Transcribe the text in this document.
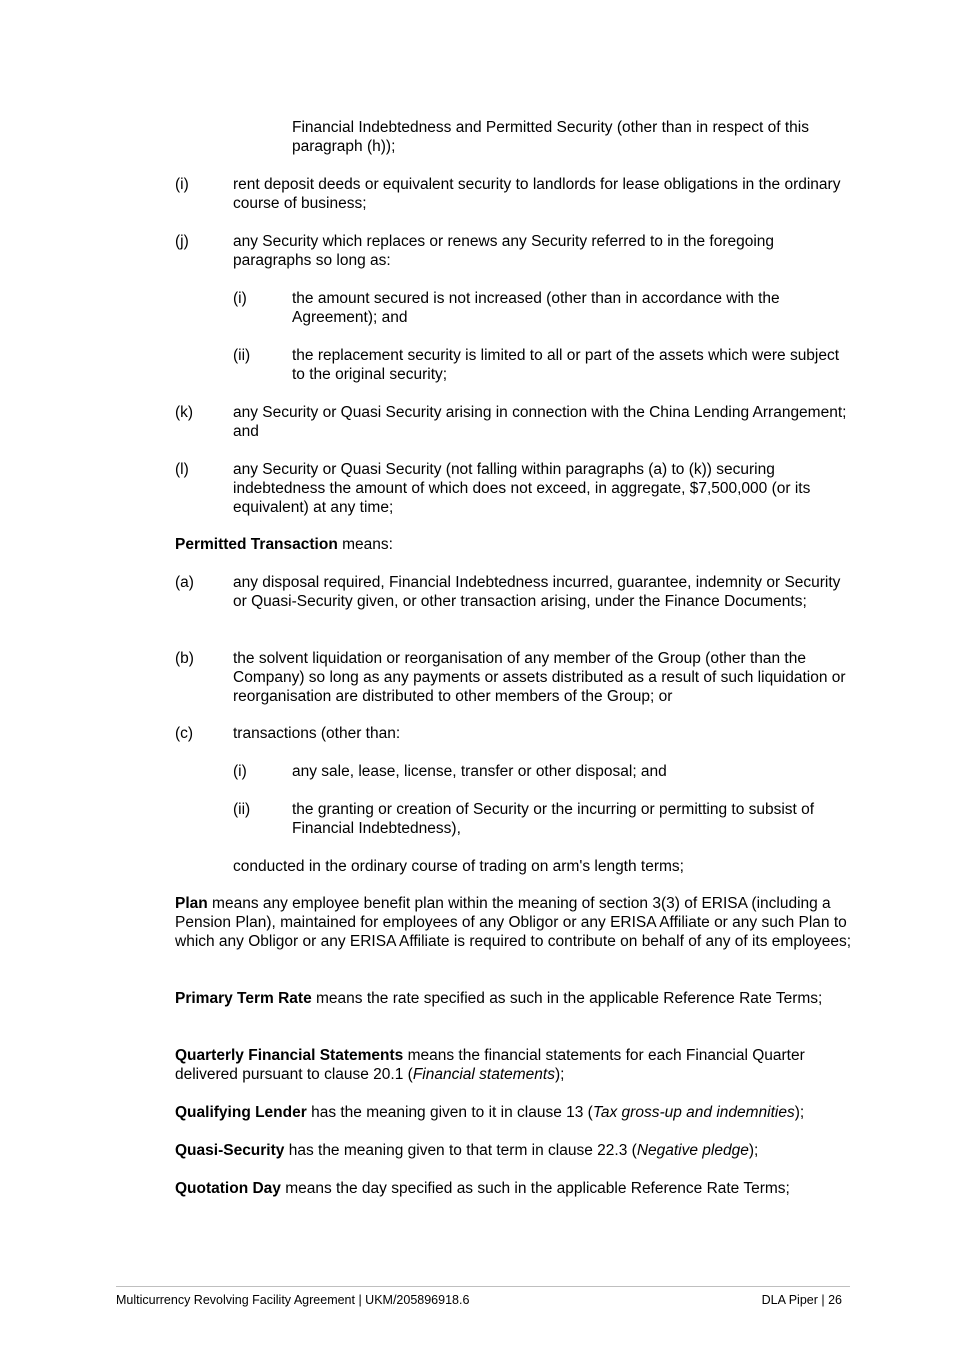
Financial Indebtedness and Permitted Security (other than in respect of this paragraph (h));

(i)	rent deposit deeds or equivalent security to landlords for lease obligations in the ordinary course of business;
(j)	any Security which replaces or renews any Security referred to in the foregoing paragraphs so long as:
(i)	the amount secured is not increased (other than in accordance with the Agreement); and
(ii)	the replacement security is limited to all or part of the assets which were subject to the original security;
(k)	any Security or Quasi Security arising in connection with the China Lending Arrangement; and
(l)	any Security or Quasi Security (not falling within paragraphs (a) to (k)) securing indebtedness the amount of which does not exceed, in aggregate, $7,500,000 (or its equivalent) at any time;

Permitted Transaction means:

(a)	any disposal required, Financial Indebtedness incurred, guarantee, indemnity or Security or Quasi-Security given, or other transaction arising, under the Finance Documents;
(b)	the solvent liquidation or reorganisation of any member of the Group (other than the Company) so long as any payments or assets distributed as a result of such liquidation or reorganisation are distributed to other members of the Group; or
(c)	transactions (other than:
(i)	any sale, lease, license, transfer or other disposal; and
(ii)	the granting or creation of Security or the incurring or permitting to subsist of Financial Indebtedness),

conducted in the ordinary course of trading on arm's length terms;

Plan means any employee benefit plan within the meaning of section 3(3) of ERISA (including a Pension Plan), maintained for employees of any Obligor or any ERISA Affiliate or any such Plan to which any Obligor or any ERISA Affiliate is required to contribute on behalf of any of its employees;

Primary Term Rate means the rate specified as such in the applicable Reference Rate Terms;

Quarterly Financial Statements means the financial statements for each Financial Quarter delivered pursuant to clause 20.1 (Financial statements);

Qualifying Lender has the meaning given to it in clause 13 (Tax gross-up and indemnities);

Quasi-Security has the meaning given to that term in clause 22.3 (Negative pledge);

Quotation Day means the day specified as such in the applicable Reference Rate Terms;

Multicurrency Revolving Facility Agreement | UKM/205896918.6	DLA Piper | 26
